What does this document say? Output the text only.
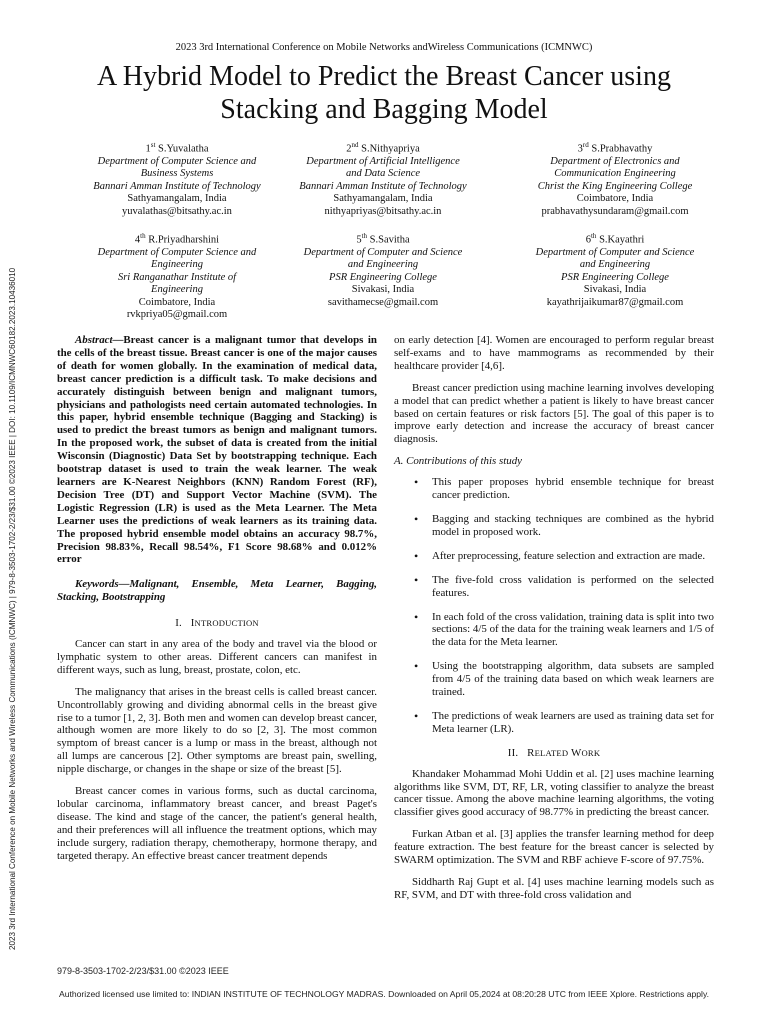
2023 3rd International Conference on Mobile Networks andWireless Communications (ICMNWC)
A Hybrid Model to Predict the Breast Cancer using
Stacking and Bagging Model
1st S.Yuvalatha
Department of Computer Science and
Business Systems
Bannari Amman Institute of Technology
Sathyamangalam, India
yuvalathas@bitsathy.ac.in
2nd S.Nithyapriya
Department of Artificial Intelligence
and Data Science
Bannari Amman Institute of Technology
Sathyamangalam, India
nithyapriyas@bitsathy.ac.in
3rd S.Prabhavathy
Department of Electronics and
Communication Engineering
Christ the King Engineering College
Coimbatore, India
prabhavathysundaram@gmail.com
4th R.Priyadharshini
Department of Computer Science and
Engineering
Sri Ranganathar Institute of
Engineering
Coimbatore, India
rvkpriya05@gmail.com
5th S.Savitha
Department of Computer and Science
and Engineering
PSR Engineering College
Sivakasi, India
savithamecse@gmail.com
6th S.Kayathri
Department of Computer and Science
and Engineering
PSR Engineering College
Sivakasi, India
kayathrijaikumar87@gmail.com
2023 3rd International Conference on Mobile Networks and Wireless Communications (ICMNWC) | 979-8-3503-1702-2/23/$31.00 ©2023 IEEE | DOI: 10.1109/ICMNWC60182.2023.10436010	Abstract—Breast cancer is a malignant tumor that develops in the cells of the breast tissue. Breast cancer is one of the major causes of death for women globally. In the examination of medical data, breast cancer prediction is a difficult task. To make decisions and accurately distinguish between benign and malignant tumors, physicians and pathologists need certain automated technologies. In this paper, hybrid ensemble technique (Bagging and Stacking) is used to predict the breast tumors as benign and malignant tumors. In the proposed work, the subset of data is created from the initial Wisconsin (Diagnostic) Data Set by bootstrapping technique. Each bootstrap dataset is used to train the weak learner. The weak learners are K-Nearest Neighbors (KNN) Random Forest (RF), Decision Tree (DT) and Support Vector Machine (SVM). The Logistic Regression (LR) is used as the Meta Learner. The Meta Learner uses the predictions of weak learners as its training data. The proposed hybrid ensemble model obtains an accuracy 98.7%, Precision 98.83%, Recall 98.54%, F1 Score 98.68% and 0.012% error

Keywords—Malignant, Ensemble, Meta Learner, Bagging, Stacking, Bootstrapping

I. INTRODUCTION

Cancer can start in any area of the body and travel via the blood or lymphatic system to other areas. Different cancers can manifest in different ways, such as lung, breast, prostate, colon, etc.

The malignancy that arises in the breast cells is called breast cancer. Uncontrollably growing and dividing abnormal cells in the breast give rise to a tumor [1, 2, 3]. Both men and women can develop breast cancer, although women are more likely to do so [2, 3]. The most common symptom of breast cancer is a lump or mass in the breast, although not all lumps are cancerous [2]. Other symptoms are breast pain, swelling, nipple discharge, or changes in the shape or size of the breast [5].

Breast cancer comes in various forms, such as ductal carcinoma, lobular carcinoma, inflammatory breast cancer, and breast Paget's disease. The kind and stage of the cancer, the patient's general health, and their preferences will all influence the treatment options, which may include surgery, radiation therapy, chemotherapy, hormone therapy, and targeted therapy. An effective breast cancer treatment depends

on early detection [4]. Women are encouraged to perform regular breast self-exams and to have mammograms as recommended by their healthcare provider [4,6].

Breast cancer prediction using machine learning involves developing a model that can predict whether a patient is likely to have breast cancer based on certain features or risk factors [5]. The goal of this paper is to improve early detection and increase the accuracy of breast cancer diagnosis.

A. Contributions of this study
• This paper proposes hybrid ensemble technique for breast cancer prediction.
• Bagging and stacking techniques are combined as the hybrid model in proposed work.
• After preprocessing, feature selection and extraction are made.
• The five-fold cross validation is performed on the selected features.
• In each fold of the cross validation, training data is split into two sections: 4/5 of the data for the training weak learners and 1/5 of the data for the Meta learner.
• Using the bootstrapping algorithm, data subsets are sampled from 4/5 of the training data based on which weak learners are trained.
• The predictions of weak learners are used as training data set for Meta learner (LR).
II. RELATED WORK

Khandaker Mohammad Mohi Uddin et al. [2] uses machine learning algorithms like SVM, DT, RF, LR, voting classifier to analyze the breast cancer tissue. Among the above machine learning algorithms, the voting classifier gives good accuracy of 98.77% in predicting the breast cancer.

Furkan Atban et al. [3] applies the transfer learning method for deep feature extraction. The best feature for the breast cancer is selected by SWARM optimization. The SVM and RBF achieve F-score of 97.75%.

Siddharth Raj Gupt et al. [4] uses machine learning models such as RF, SVM, and DT with three-fold cross validation and

979-8-3503-1702-2/23/$31.00 ©2023 IEEE
Authorized licensed use limited to: INDIAN INSTITUTE OF TECHNOLOGY MADRAS. Downloaded on April 05,2024 at 08:20:28 UTC from IEEE Xplore. Restrictions apply.
